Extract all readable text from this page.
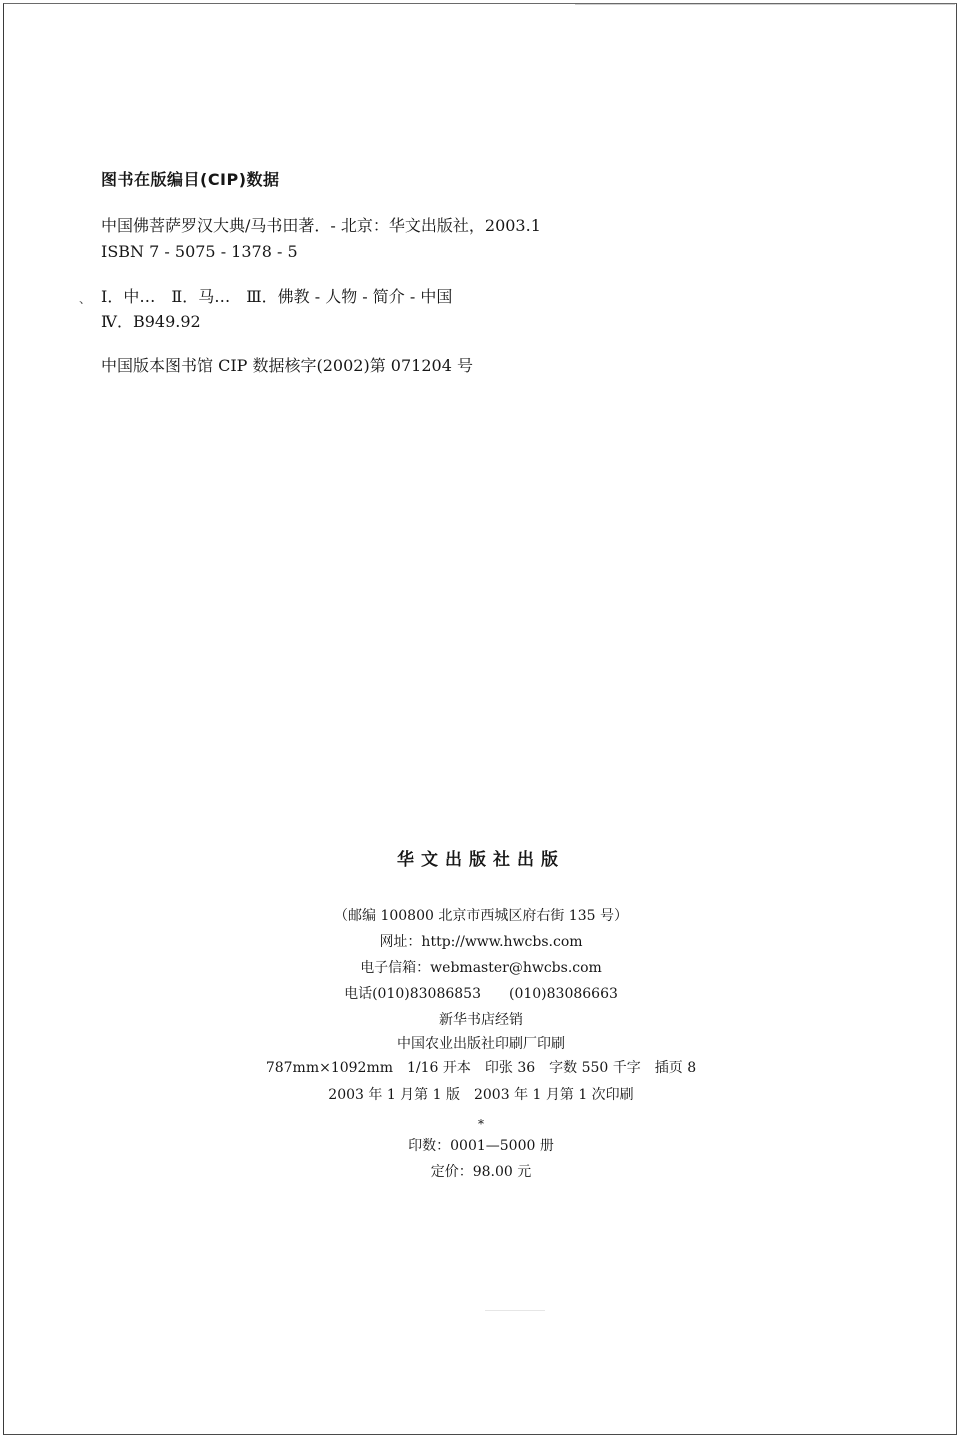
图书在版编目(CIP)数据
中国佛菩萨罗汉大典/马书田著．- 北京：华文出版社，2003.1
ISBN 7 - 5075 - 1378 - 5
、 Ⅰ．中…　Ⅱ．马…　Ⅲ．佛教 - 人物 - 简介 - 中国
Ⅳ．B949.92
中国版本图书馆 CIP 数据核字(2002)第 071204 号
华文出版社出版
（邮编 100800 北京市西城区府右街 135 号）
网址：http://www.hwcbs.com
电子信箱：webmaster@hwcbs.com
电话(010)83086853　　(010)83086663
新华书店经销
中国农业出版社印刷厂印刷
787mm×1092mm　1/16 开本　印张 36　字数 550 千字　插页 8
2003 年 1 月第 1 版　2003 年 1 月第 1 次印刷
*
印数：0001—5000 册
定价：98.00 元
